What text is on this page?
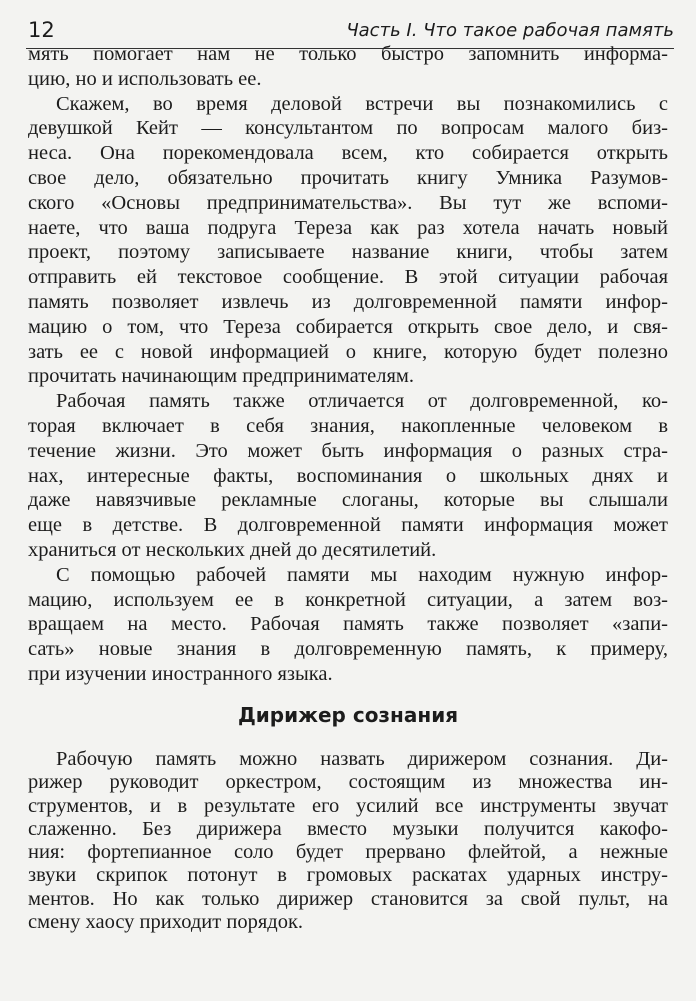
12	Часть I. Что такое рабочая память
мять помогает нам не только быстро запомнить информа-
цию, но и использовать ее.
Скажем, во время деловой встречи вы познакомились с
девушкой Кейт — консультантом по вопросам малого биз-
неса. Она порекомендовала всем, кто собирается открыть
свое дело, обязательно прочитать книгу Умника Разумов-
ского «Основы предпринимательства». Вы тут же вспоми-
наете, что ваша подруга Тереза как раз хотела начать новый
проект, поэтому записываете название книги, чтобы затем
отправить ей текстовое сообщение. В этой ситуации рабочая
память позволяет извлечь из долговременной памяти инфор-
мацию о том, что Тереза собирается открыть свое дело, и свя-
зать ее с новой информацией о книге, которую будет полезно
прочитать начинающим предпринимателям.
Рабочая память также отличается от долговременной, ко-
торая включает в себя знания, накопленные человеком в
течение жизни. Это может быть информация о разных стра-
нах, интересные факты, воспоминания о школьных днях и
даже навязчивые рекламные слоганы, которые вы слышали
еще в детстве. В долговременной памяти информация может
храниться от нескольких дней до десятилетий.
С помощью рабочей памяти мы находим нужную инфор-
мацию, используем ее в конкретной ситуации, а затем воз-
вращаем на место. Рабочая память также позволяет «запи-
сать» новые знания в долговременную память, к примеру,
при изучении иностранного языка.
Дирижер сознания
Рабочую память можно назвать дирижером сознания. Ди-
рижер руководит оркестром, состоящим из множества ин-
струментов, и в результате его усилий все инструменты звучат
слаженно. Без дирижера вместо музыки получится какофо-
ния: фортепианное соло будет прервано флейтой, а нежные
звуки скрипок потонут в громовых раскатах ударных инстру-
ментов. Но как только дирижер становится за свой пульт, на
смену хаосу приходит порядок.
